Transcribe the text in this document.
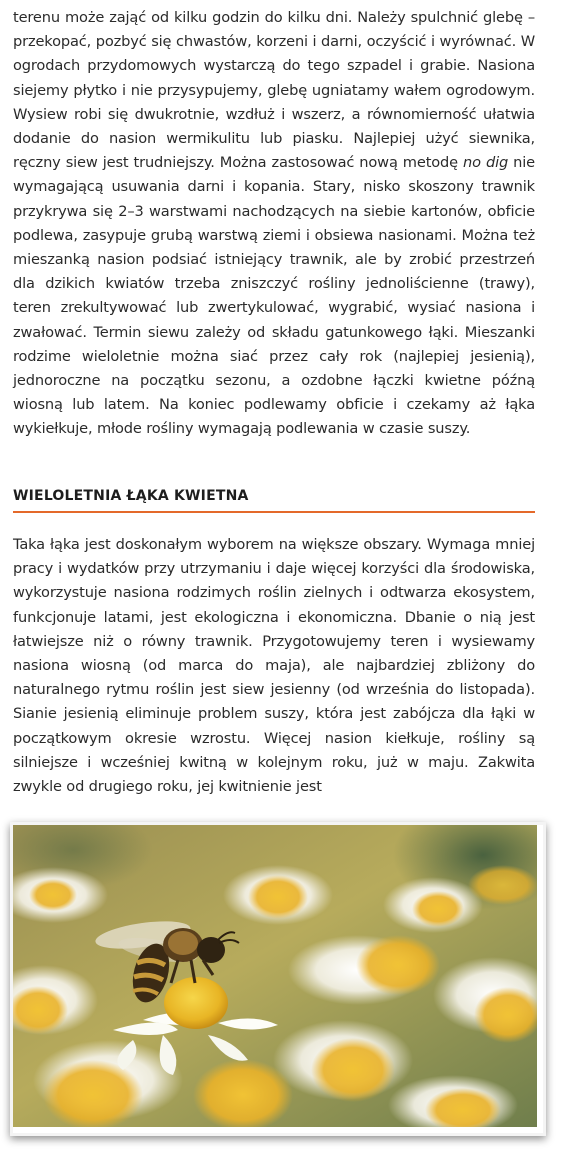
terenu może zająć od kilku godzin do kilku dni. Należy spulchnić glebę – przekopać, pozbyć się chwastów, korzeni i darni, oczyścić i wyrównać. W ogrodach przydomowych wystarczą do tego szpadel i grabie. Nasiona siejemy płytko i nie przysypujemy, glebę ugniatamy wałem ogrodowym. Wysiew robi się dwukrotnie, wzdłuż i wszerz, a równomierność ułatwia dodanie do nasion wermikulitu lub piasku. Najlepiej użyć siewnika, ręczny siew jest trudniejszy. Można zastosować nową metodę no dig nie wymagającą usuwania darni i kopania. Stary, nisko skoszony trawnik przykrywa się 2–3 warstwami nachodzących na siebie kartonów, obficie podlewa, zasypuje grubą warstwą ziemi i obsiewa nasionami. Można też mieszanką nasion podsiać istniejący trawnik, ale by zrobić przestrzeń dla dzikich kwiatów trzeba zniszczyć rośliny jednoliścienne (trawy), teren zrekultywować lub zwertykulować, wygrabić, wysiać nasiona i zwałować. Termin siewu zależy od składu gatunkowego łąki. Mieszanki rodzime wieloletnie można siać przez cały rok (najlepiej jesienią), jednoroczne na początku sezonu, a ozdobne łączki kwietne późną wiosną lub latem. Na koniec podlewamy obficie i czekamy aż łąka wykiełkuje, młode rośliny wymagają podlewania w czasie suszy.

WIELOLETNIA ŁĄKA KWIETNA

Taka łąka jest doskonałym wyborem na większe obszary. Wymaga mniej pracy i wydatków przy utrzymaniu i daje więcej korzyści dla środowiska, wykorzystuje nasiona rodzimych roślin zielnych i odtwarza ekosystem, funkcjonuje latami, jest ekologiczna i ekonomiczna. Dbanie o nią jest łatwiejsze niż o równy trawnik. Przygotowujemy teren i wysiewamy nasiona wiosną (od marca do maja), ale najbardziej zbliżony do naturalnego rytmu roślin jest siew jesienny (od września do listopada). Sianie jesienią eliminuje problem suszy, która jest zabójcza dla łąki w początkowym okresie wzrostu. Więcej nasion kiełkuje, rośliny są silniejsze i wcześniej kwitną w kolejnym roku, już w maju. Zakwita zwykle od drugiego roku, jej kwitnienie jest
